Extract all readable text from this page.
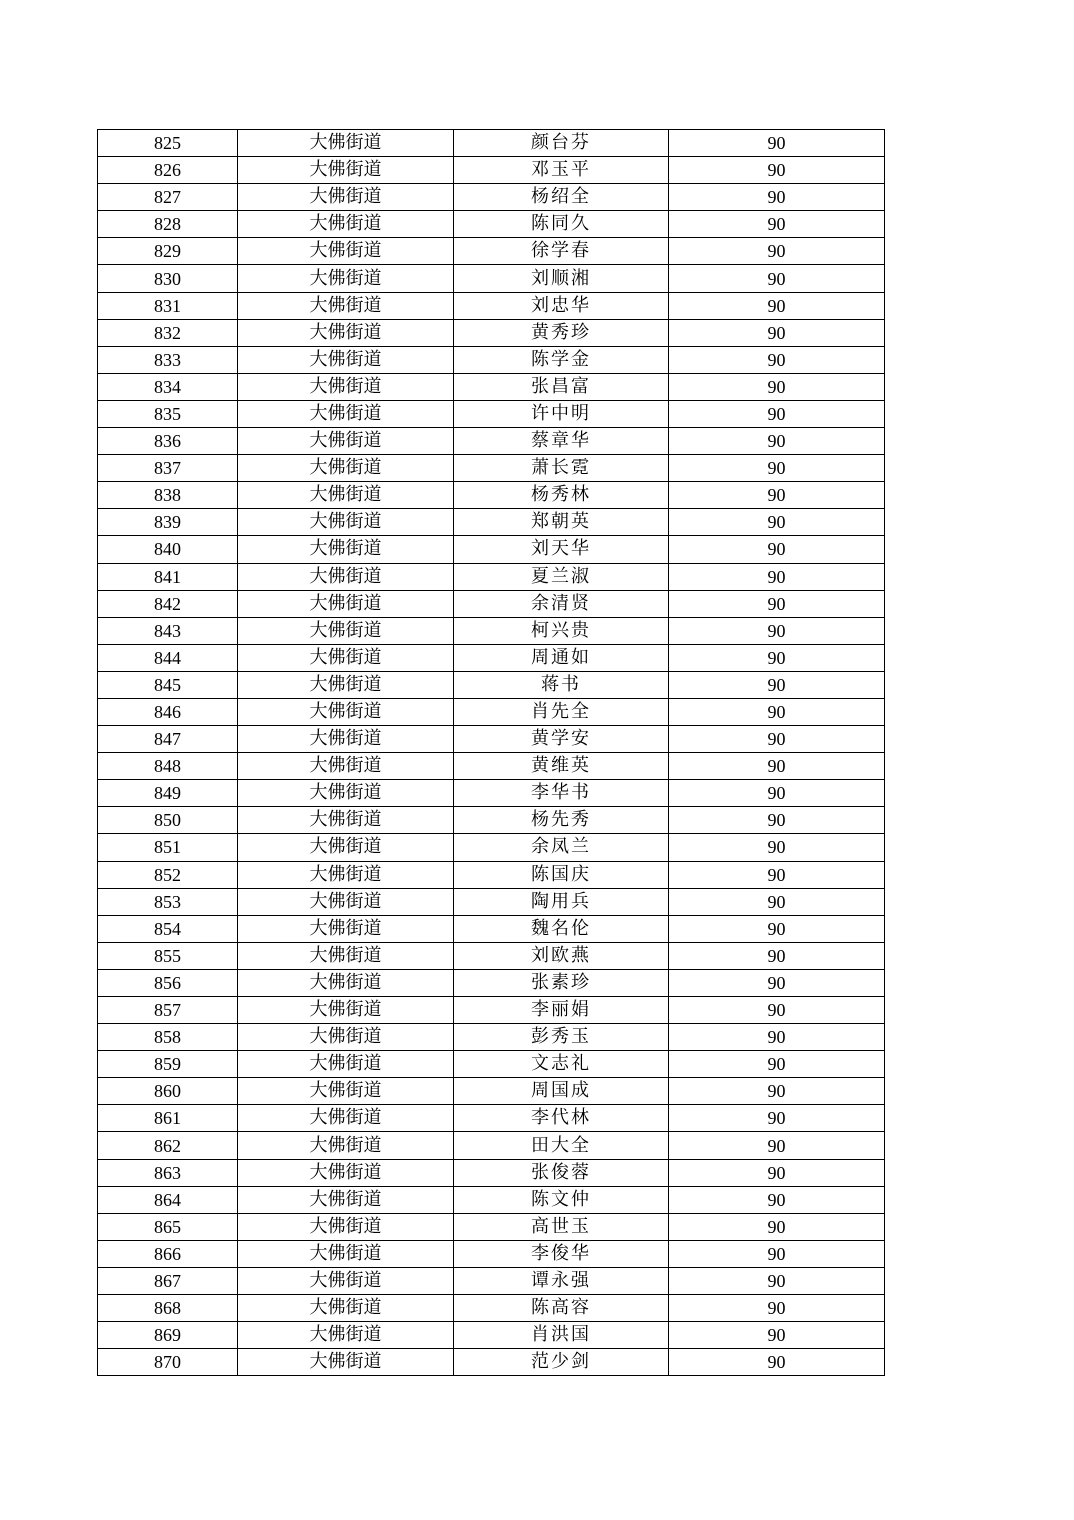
825	大佛街道	颜台芬	90
826	大佛街道	邓玉平	90
827	大佛街道	杨绍全	90
828	大佛街道	陈同久	90
829	大佛街道	徐学春	90
830	大佛街道	刘顺湘	90
831	大佛街道	刘忠华	90
832	大佛街道	黄秀珍	90
833	大佛街道	陈学金	90
834	大佛街道	张昌富	90
835	大佛街道	许中明	90
836	大佛街道	蔡章华	90
837	大佛街道	萧长霓	90
838	大佛街道	杨秀林	90
839	大佛街道	郑朝英	90
840	大佛街道	刘天华	90
841	大佛街道	夏兰淑	90
842	大佛街道	余清贤	90
843	大佛街道	柯兴贵	90
844	大佛街道	周通如	90
845	大佛街道	蒋书	90
846	大佛街道	肖先全	90
847	大佛街道	黄学安	90
848	大佛街道	黄维英	90
849	大佛街道	李华书	90
850	大佛街道	杨先秀	90
851	大佛街道	余凤兰	90
852	大佛街道	陈国庆	90
853	大佛街道	陶用兵	90
854	大佛街道	魏名伦	90
855	大佛街道	刘欧燕	90
856	大佛街道	张素珍	90
857	大佛街道	李丽娟	90
858	大佛街道	彭秀玉	90
859	大佛街道	文志礼	90
860	大佛街道	周国成	90
861	大佛街道	李代林	90
862	大佛街道	田大全	90
863	大佛街道	张俊蓉	90
864	大佛街道	陈文仲	90
865	大佛街道	高世玉	90
866	大佛街道	李俊华	90
867	大佛街道	谭永强	90
868	大佛街道	陈高容	90
869	大佛街道	肖洪国	90
870	大佛街道	范少剑	90
